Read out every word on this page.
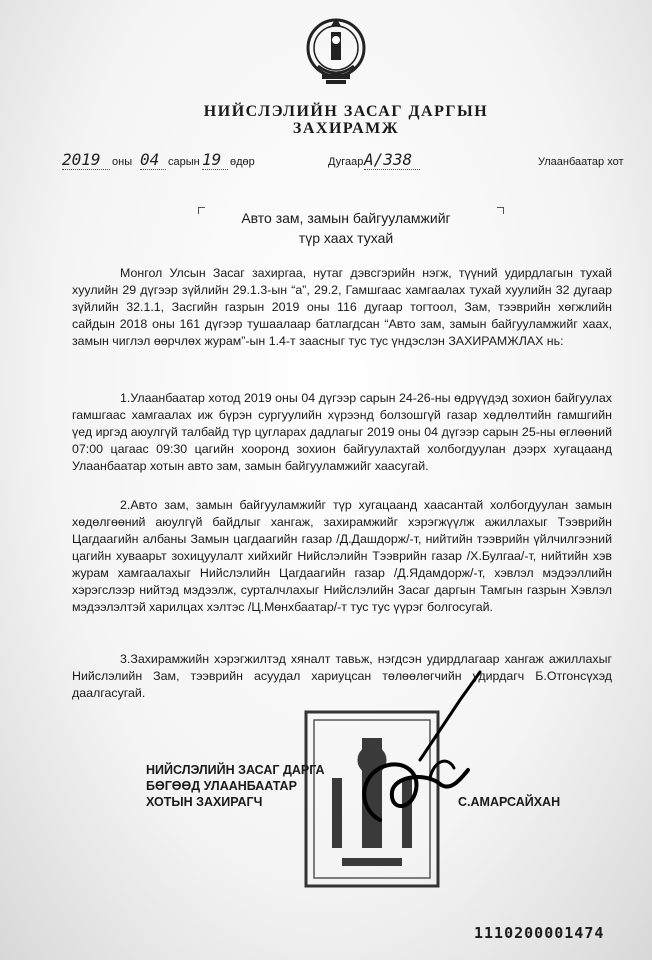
НИЙСЛЭЛИЙН ЗАСАГ ДАРГЫН
ЗАХИРАМЖ
2019	оны 04 сарын 19 өдөр	Дугаар А/338	Улаанбаатар хот
Авто зам, замын байгууламжийг
түр хаах тухай

Монгол Улсын Засаг захиргаа, нутаг дэвсгэрийн нэгж, түүний удирдлагын тухай хуулийн 29 дүгээр зүйлийн 29.1.3-ын “а”, 29.2, Гамшгаас хамгаалах тухай хуулийн 32 дугаар зүйлийн 32.1.1, Засгийн газрын 2019 оны 116 дугаар тогтоол, Зам, тээврийн хөгжлийн сайдын 2018 оны 161 дүгээр тушаалаар батлагдсан “Авто зам, замын байгууламжийг хаах, замын чиглэл өөрчлөх журам”-ын 1.4-т заасныг тус тус үндэслэн ЗАХИРАМЖЛАХ нь:

1.Улаанбаатар хотод 2019 оны 04 дүгээр сарын 24-26-ны өдрүүдэд зохион байгуулах гамшгаас хамгаалах иж бүрэн сургуулийн хүрээнд болзошгүй газар хөдлөлтийн гамшгийн үед иргэд аюулгүй талбайд түр цугларах дадлагыг 2019 оны 04 дүгээр сарын 25-ны өглөөний 07:00 цагаас 09:30 цагийн хооронд зохион байгуулахтай холбогдуулан дээрх хугацаанд Улаанбаатар хотын авто зам, замын байгууламжийг хаасугай.

2.Авто зам, замын байгууламжийг түр хугацаанд хаасантай холбогдуулан замын хөдөлгөөний аюулгүй байдлыг хангаж, захирамжийг хэрэгжүүлж ажиллахыг Тээврийн Цагдаагийн албаны Замын цагдаагийн газар /Д.Дашдорж/-т, нийтийн тээврийн үйлчилгээний цагийн хуваарьт зохицуулалт хийхийг Нийслэлийн Тээврийн газар /Х.Булгаа/-т, нийтийн хэв журам хамгаалахыг Нийслэлийн Цагдаагийн газар /Д.Ядамдорж/-т, хэвлэл мэдээллийн хэрэгслээр нийтэд мэдээлж, сурталчлахыг Нийслэлийн Засаг даргын Тамгын газрын Хэвлэл мэдээлэлтэй харилцах хэлтэс /Ц.Мөнхбаатар/-т тус тус үүрэг болгосугай.

3.Захирамжийн хэрэгжилтэд хяналт тавьж, нэгдсэн удирдлагаар хангаж ажиллахыг Нийслэлийн Зам, тээврийн асуудал хариуцсан төлөөлөгчийн удирдагч Б.Отгонсүхэд даалгасугай.

НИЙСЛЭЛИЙН ЗАСАГ ДАРГА
БӨГӨӨД УЛААНБААТАР
ХОТЫН ЗАХИРАГЧ	С.АМАРСАЙХАН
1110200001474
